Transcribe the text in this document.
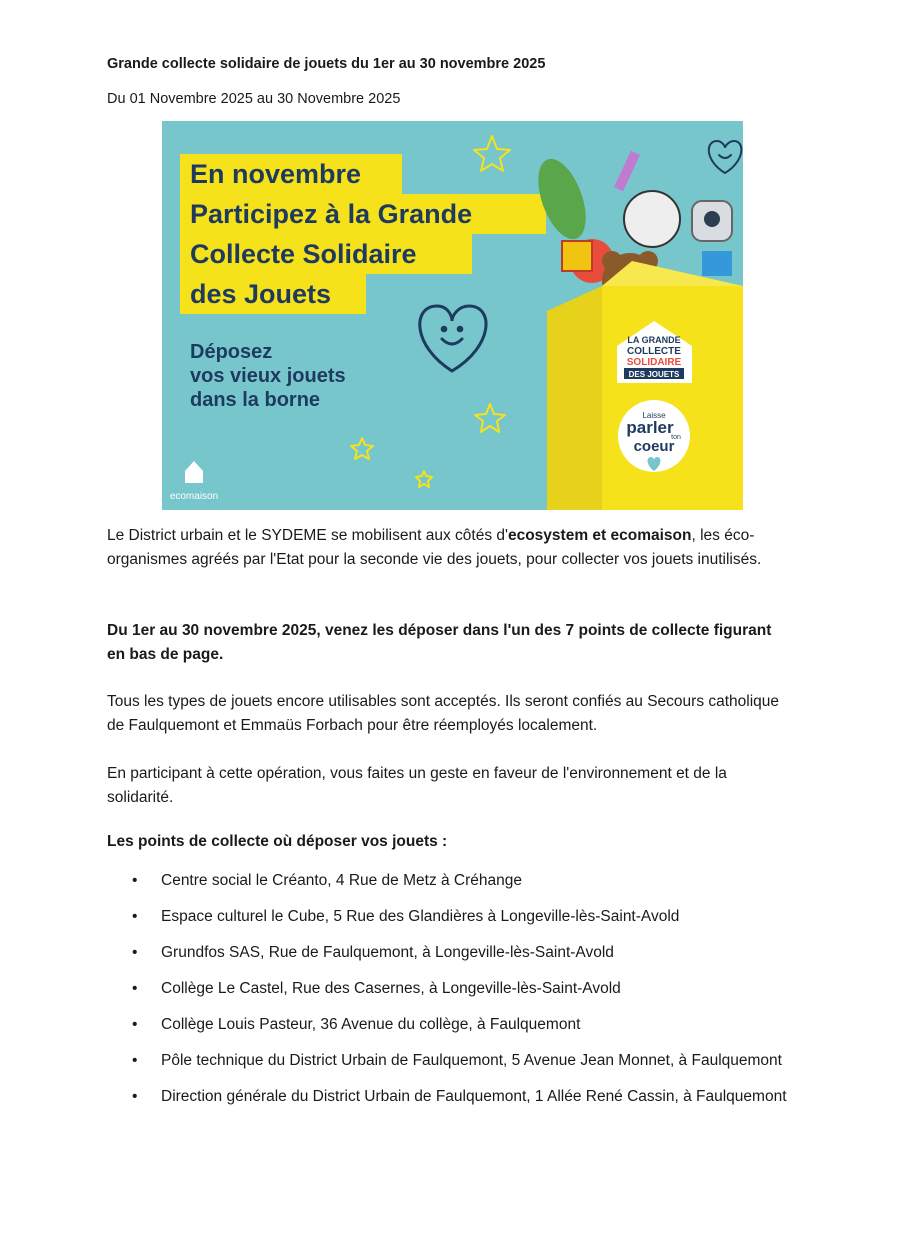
Grande collecte solidaire de jouets du 1er au 30 novembre 2025
Du 01 Novembre 2025 au 30 Novembre 2025
En novembre
Participez à la Grande
Collecte Solidaire
des Jouets
Déposez
vos vieux jouets
dans la borne
LA GRANDE
COLLECTE
SOLIDAIRE
DES JOUETS
Laisse
parler
ton
coeur
ecomaison

Le District urbain et le SYDEME se mobilisent aux côtés d'ecosystem et ecomaison, les éco-organismes agréés par l'Etat pour la seconde vie des jouets, pour collecter vos jouets inutilisés.

Du 1er au 30 novembre 2025, venez les déposer dans l'un des 7 points de collecte figurant en bas de page.

Tous les types de jouets encore utilisables sont acceptés. Ils seront confiés au Secours catholique de Faulquemont et Emmaüs Forbach pour être réemployés localement.

En participant à cette opération, vous faites un geste en faveur de l'environnement et de la solidarité.

Les points de collecte où déposer vos jouets :
• Centre social le Créanto, 4 Rue de Metz à Créhange
• Espace culturel le Cube, 5 Rue des Glandières à Longeville-lès-Saint-Avold
• Grundfos SAS, Rue de Faulquemont, à Longeville-lès-Saint-Avold
• Collège Le Castel, Rue des Casernes, à Longeville-lès-Saint-Avold
• Collège Louis Pasteur, 36 Avenue du collège, à Faulquemont
• Pôle technique du District Urbain de Faulquemont, 5 Avenue Jean Monnet, à Faulquemont
• Direction générale du District Urbain de Faulquemont, 1 Allée René Cassin, à Faulquemont
